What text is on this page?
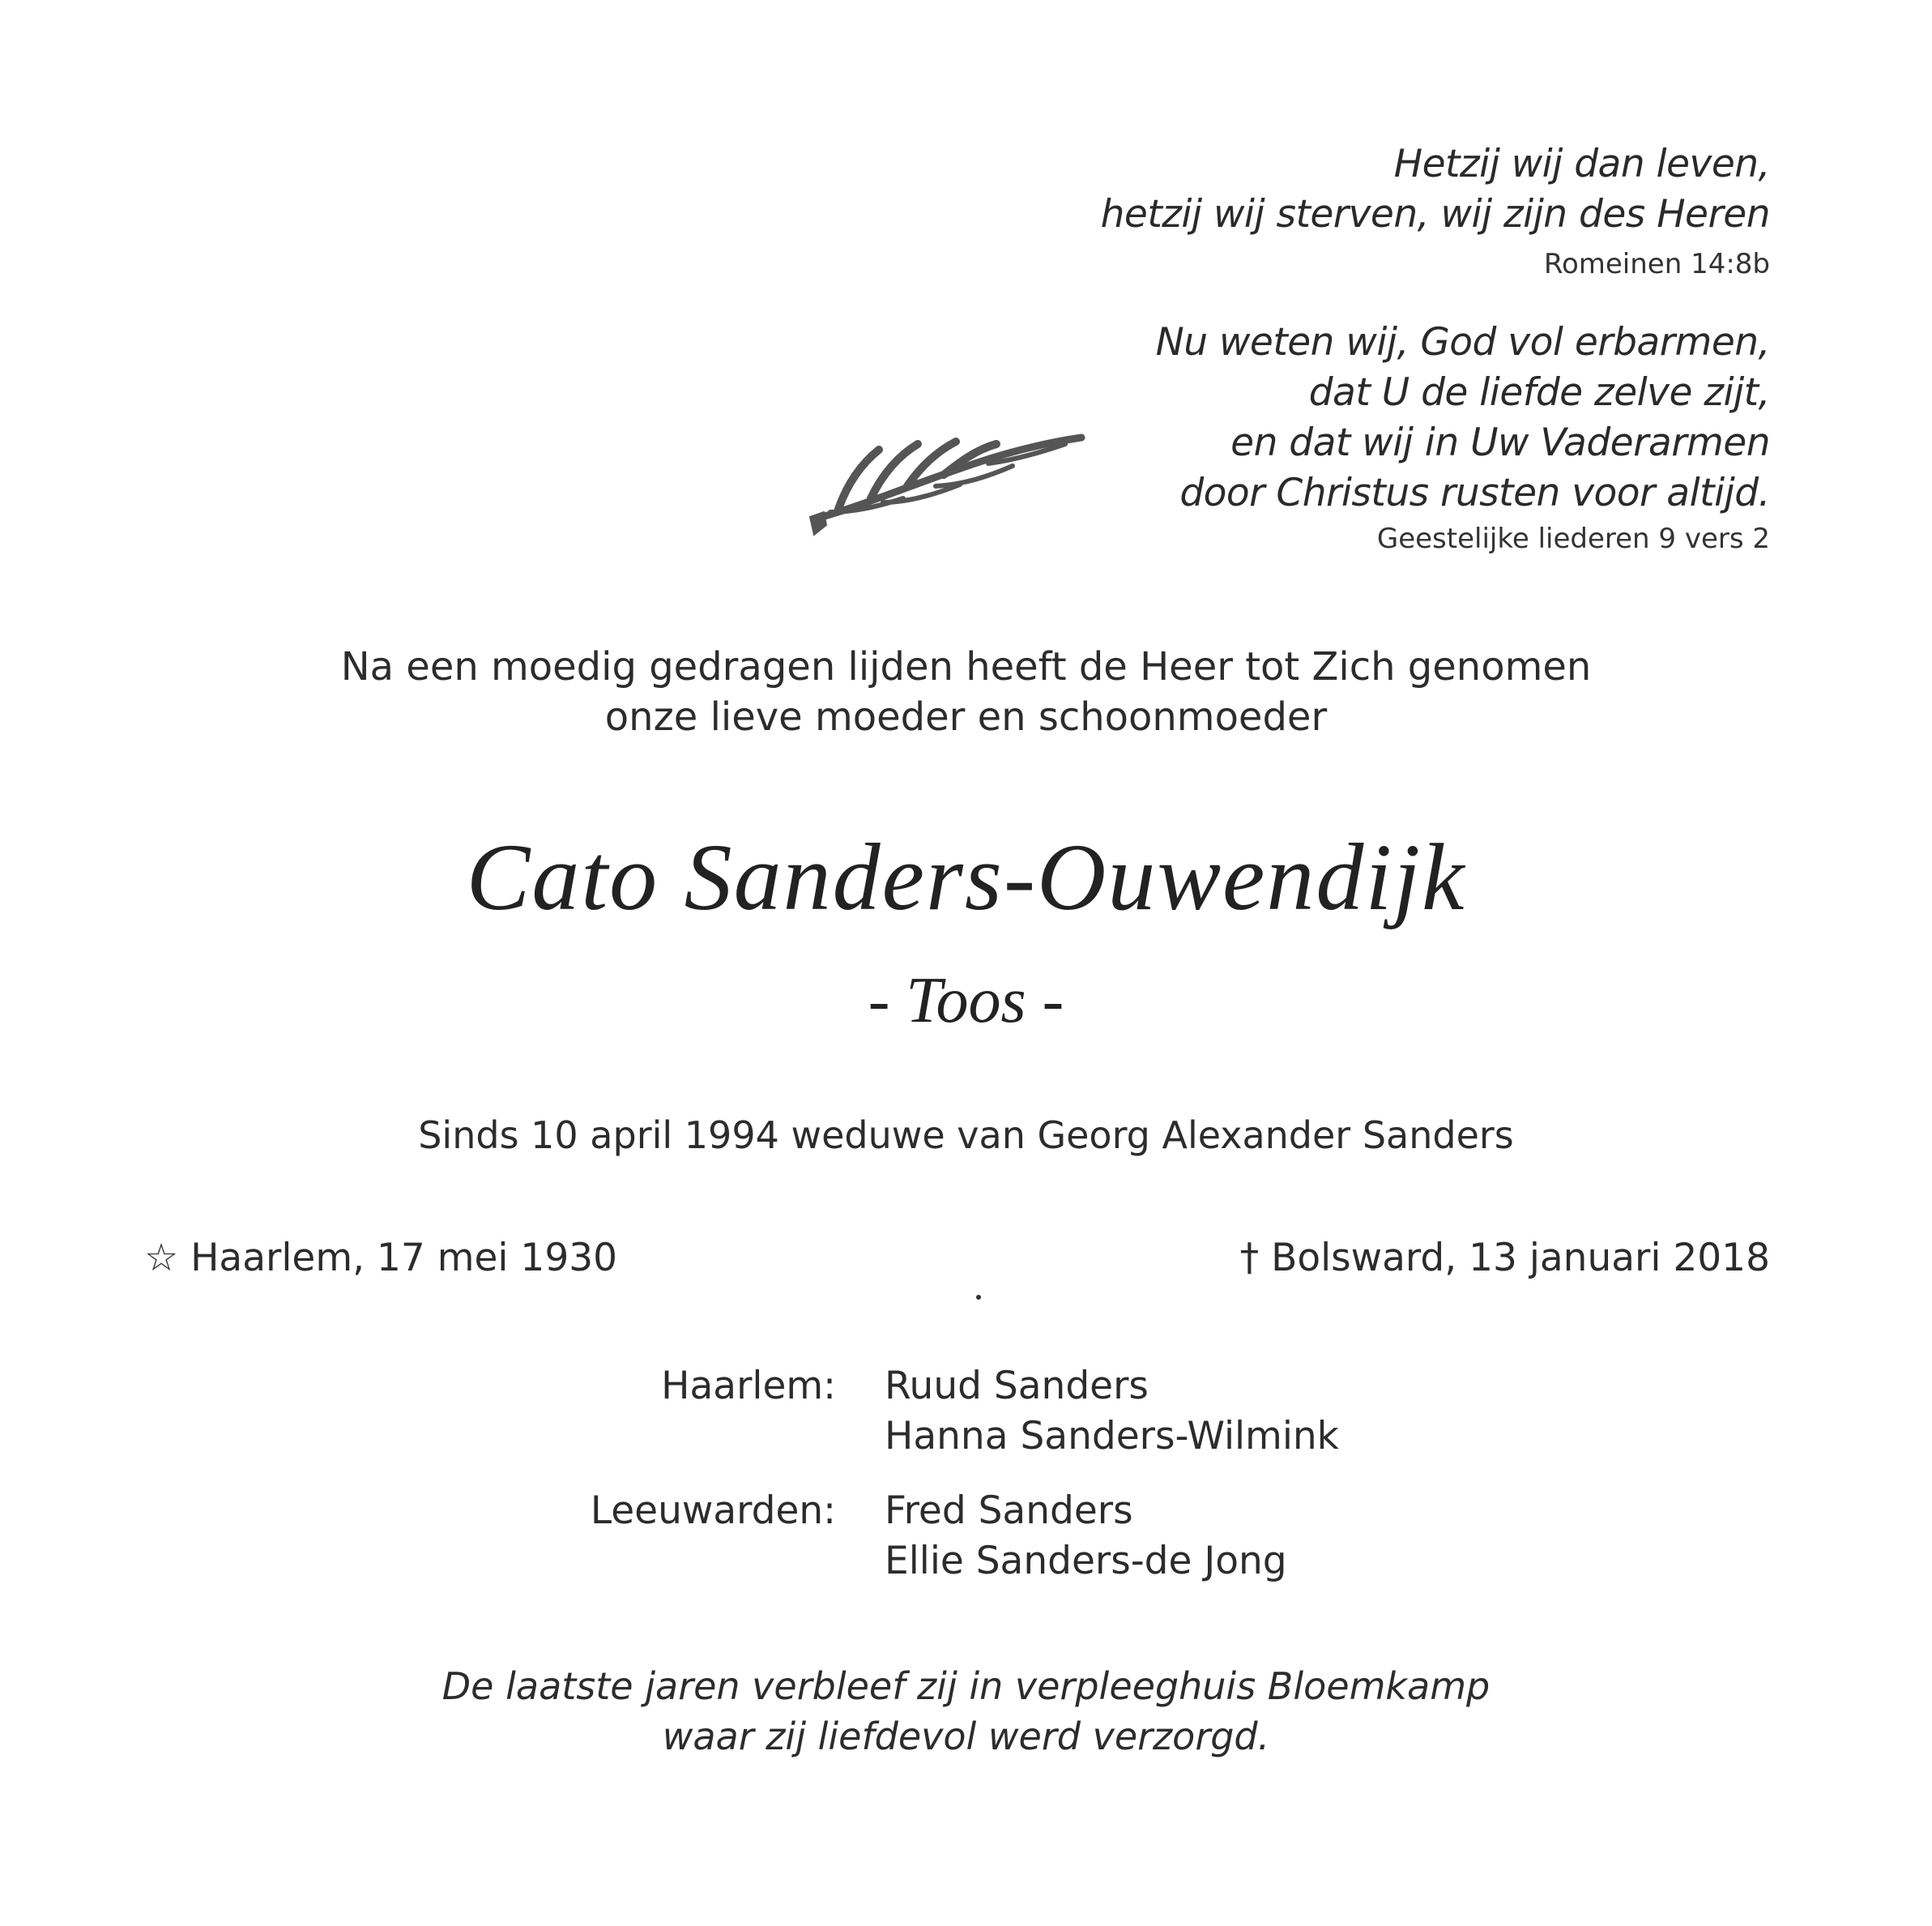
Hetzij wij dan leven,
hetzij wij sterven, wij zijn des Heren
Romeinen 14:8b
Nu weten wij, God vol erbarmen,
dat U de liefde zelve zijt,
en dat wij in Uw Vaderarmen
door Christus rusten voor altijd.
Geestelijke liederen 9 vers 2
Na een moedig gedragen lijden heeft de Heer tot Zich genomen
onze lieve moeder en schoonmoeder
Cato Sanders-Ouwendijk
- Toos -
Sinds 10 april 1994 weduwe van Georg Alexander Sanders
☆ Haarlem, 17 mei 1930	† Bolsward, 13 januari 2018
Haarlem:	Ruud Sanders
Hanna Sanders-Wilmink
Leeuwarden:	Fred Sanders
Ellie Sanders-de Jong
De laatste jaren verbleef zij in verpleeghuis Bloemkamp
waar zij liefdevol werd verzorgd.
